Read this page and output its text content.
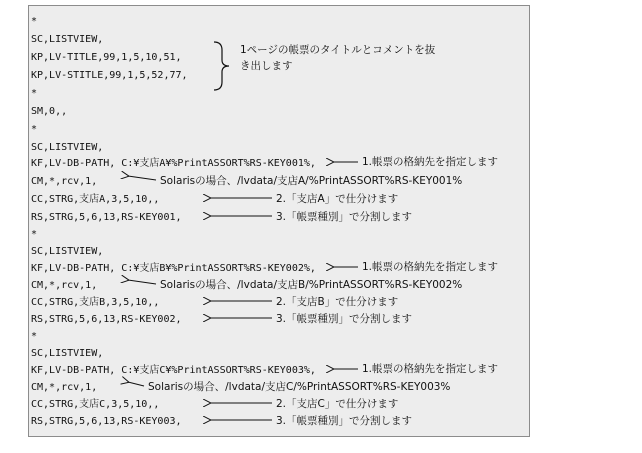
*
SC,LISTVIEW,
KP,LV-TITLE,99,1,5,10,51,
KP,LV-STITLE,99,1,5,52,77,
*
SM,0,,
*
SC,LISTVIEW,
KF,LV-DB-PATH, C:¥支店A¥%PrintASSORT%RS-KEY001%,
CM,*,rcv,1,
CC,STRG,支店A,3,5,10,,
RS,STRG,5,6,13,RS-KEY001,
*
SC,LISTVIEW,
KF,LV-DB-PATH, C:¥支店B¥%PrintASSORT%RS-KEY002%,
CM,*,rcv,1,
CC,STRG,支店B,3,5,10,,
RS,STRG,5,6,13,RS-KEY002,
*
SC,LISTVIEW,
KF,LV-DB-PATH, C:¥支店C¥%PrintASSORT%RS-KEY003%,
CM,*,rcv,1,
CC,STRG,支店C,3,5,10,,
RS,STRG,5,6,13,RS-KEY003,
1ページの帳票のタイトルとコメントを抜
き出します
1.帳票の格納先を指定します
Solarisの場合、/lvdata/支店A/%PrintASSORT%RS-KEY001%
2.「支店A」で仕分けます
3.「帳票種別」で分割します
1.帳票の格納先を指定します
Solarisの場合、/lvdata/支店B/%PrintASSORT%RS-KEY002%
2.「支店B」で仕分けます
3.「帳票種別」で分割します
1.帳票の格納先を指定します
Solarisの場合、/lvdata/支店C/%PrintASSORT%RS-KEY003%
2.「支店C」で仕分けます
3.「帳票種別」で分割します
